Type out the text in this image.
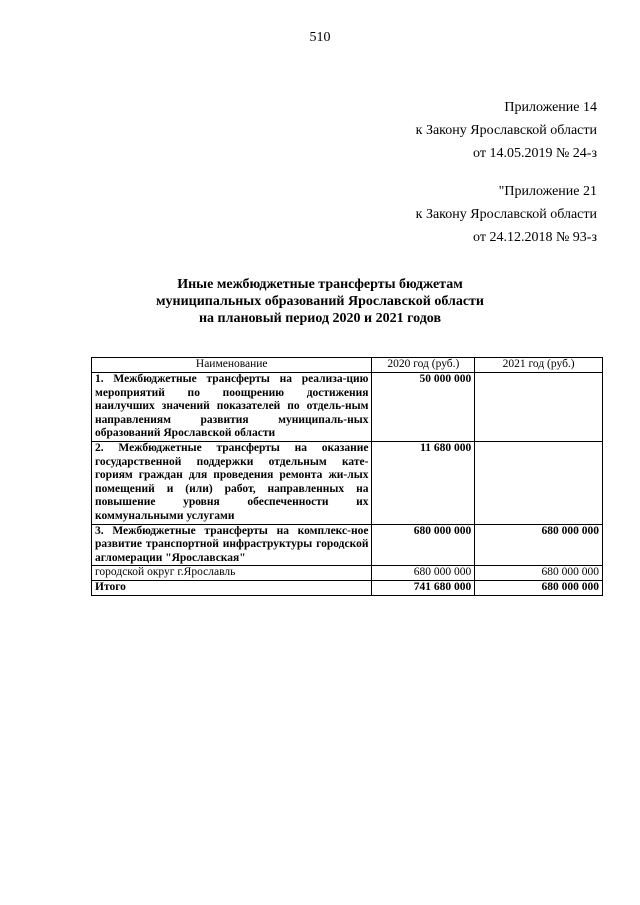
510
Приложение 14
к Закону Ярославской области
от 14.05.2019 № 24-з
"Приложение 21
к Закону Ярославской области
от 24.12.2018 № 93-з
Иные межбюджетные трансферты бюджетам
муниципальных образований Ярославской области
на плановый период 2020 и 2021 годов
Наименование	2020 год (руб.)	2021 год (руб.)
1. Межбюджетные трансферты на реализа-цию мероприятий по поощрению достижения наилучших значений показателей по отдель-ным направлениям развития муниципаль-ных образований Ярославской области	50 000 000	
2. Межбюджетные трансферты на оказание государственной поддержки отдельным кате-гориям граждан для проведения ремонта жи-лых помещений и (или) работ, направленных на повышение уровня обеспеченности их коммунальными услугами	11 680 000	
3. Межбюджетные трансферты на комплекс-ное развитие транспортной инфраструктуры городской агломерации "Ярославская"	680 000 000	680 000 000
городской округ г.Ярославль	680 000 000	680 000 000
Итого	741 680 000	680 000 000
